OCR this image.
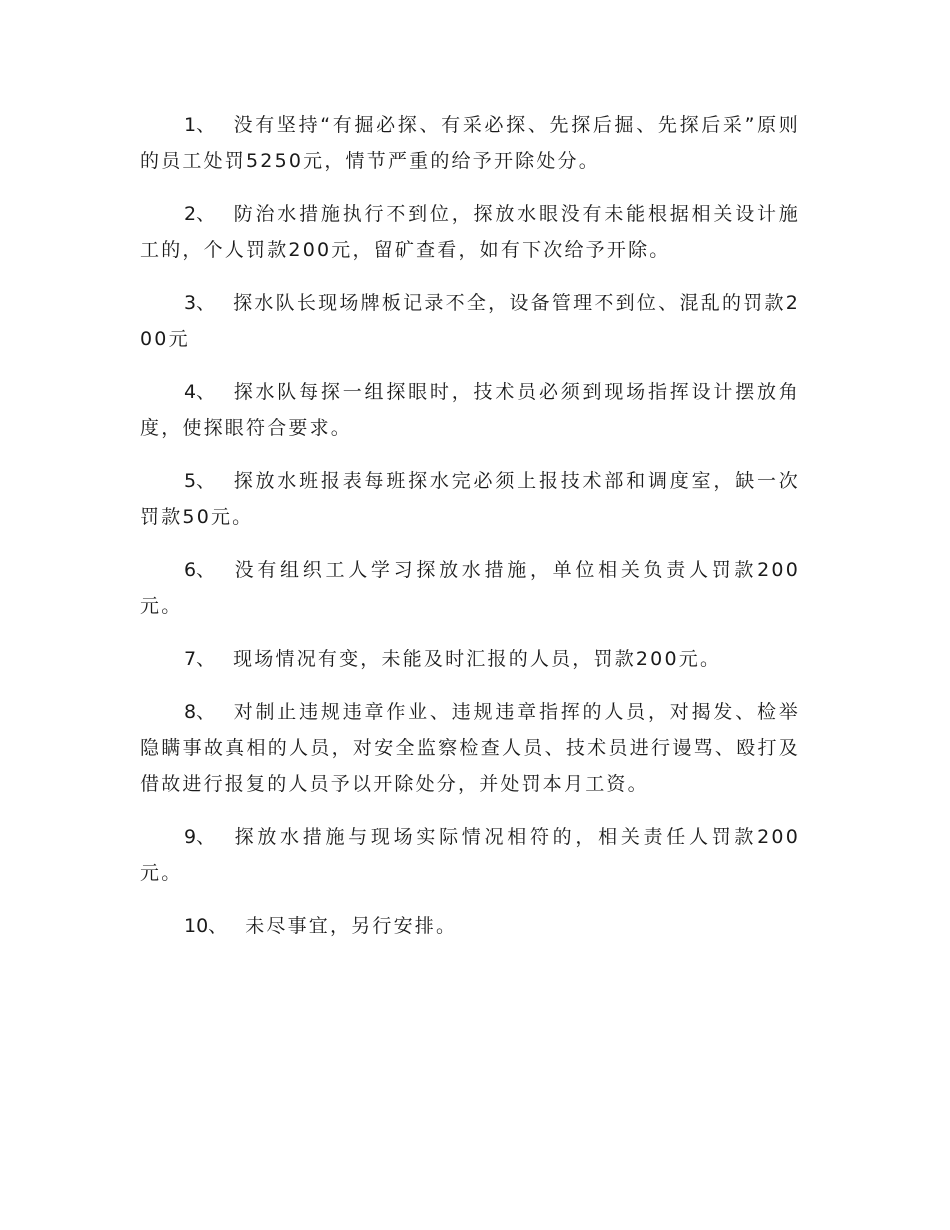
1、 没有坚持“有掘必探、有采必探、先探后掘、先探后采”原则的员工处罚5250元，情节严重的给予开除处分。

2、 防治水措施执行不到位，探放水眼没有未能根据相关设计施工的，个人罚款200元，留矿查看，如有下次给予开除。

3、 探水队长现场牌板记录不全，设备管理不到位、混乱的罚款200元

4、 探水队每探一组探眼时，技术员必须到现场指挥设计摆放角度，使探眼符合要求。

5、 探放水班报表每班探水完必须上报技术部和调度室，缺一次罚款50元。

6、 没有组织工人学习探放水措施，单位相关负责人罚款200元。

7、 现场情况有变，未能及时汇报的人员，罚款200元。

8、 对制止违规违章作业、违规违章指挥的人员，对揭发、检举隐瞒事故真相的人员，对安全监察检查人员、技术员进行谩骂、殴打及借故进行报复的人员予以开除处分，并处罚本月工资。

9、 探放水措施与现场实际情况相符的，相关责任人罚款200元。

10、 未尽事宜，另行安排。
